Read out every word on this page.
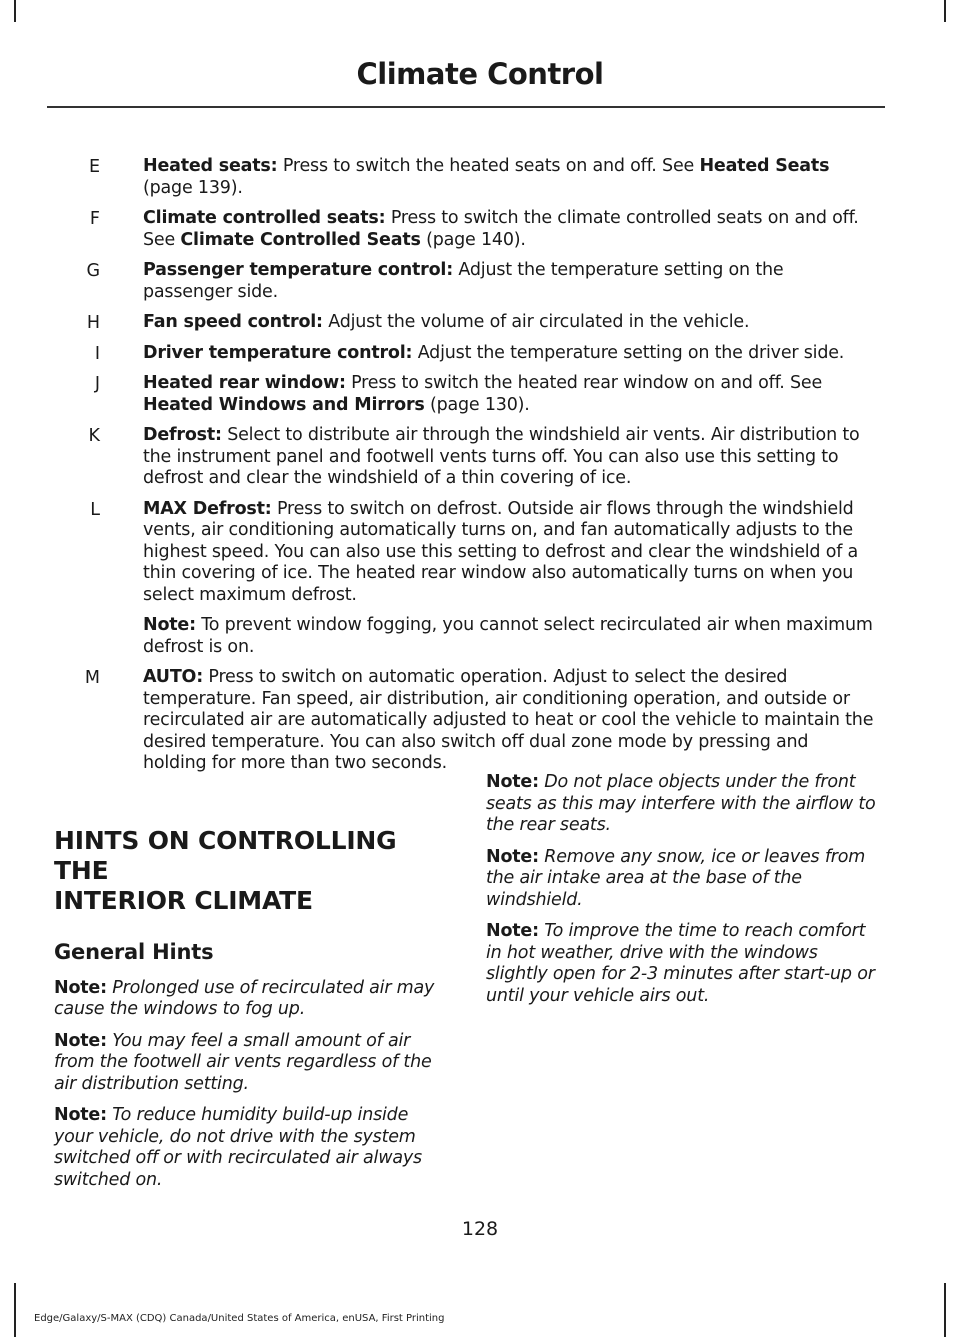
Climate Control
E Heated seats: Press to switch the heated seats on and off. See Heated Seats (page 139).
F Climate controlled seats: Press to switch the climate controlled seats on and off. See Climate Controlled Seats (page 140).
G Passenger temperature control: Adjust the temperature setting on the passenger side.
H Fan speed control: Adjust the volume of air circulated in the vehicle.
I Driver temperature control: Adjust the temperature setting on the driver side.
J Heated rear window: Press to switch the heated rear window on and off. See Heated Windows and Mirrors (page 130).
K Defrost: Select to distribute air through the windshield air vents. Air distribution to the instrument panel and footwell vents turns off. You can also use this setting to defrost and clear the windshield of a thin covering of ice.
L MAX Defrost: Press to switch on defrost. Outside air flows through the windshield vents, air conditioning automatically turns on, and fan automatically adjusts to the highest speed. You can also use this setting to defrost and clear the windshield of a thin covering of ice. The heated rear window also automatically turns on when you select maximum defrost.
Note: To prevent window fogging, you cannot select recirculated air when maximum defrost is on.
M AUTO: Press to switch on automatic operation. Adjust to select the desired temperature. Fan speed, air distribution, air conditioning operation, and outside or recirculated air are automatically adjusted to heat or cool the vehicle to maintain the desired temperature. You can also switch off dual zone mode by pressing and holding for more than two seconds.
HINTS ON CONTROLLING THE
INTERIOR CLIMATE
General Hints

Note: Prolonged use of recirculated air may cause the windows to fog up.

Note: You may feel a small amount of air from the footwell air vents regardless of the air distribution setting.

Note: To reduce humidity build-up inside your vehicle, do not drive with the system switched off or with recirculated air always switched on.

Note: Do not place objects under the front seats as this may interfere with the airflow to the rear seats.

Note: Remove any snow, ice or leaves from the air intake area at the base of the windshield.

Note: To improve the time to reach comfort in hot weather, drive with the windows slightly open for 2-3 minutes after start-up or until your vehicle airs out.

128
Edge/Galaxy/S-MAX (CDQ) Canada/United States of America, enUSA, First Printing
